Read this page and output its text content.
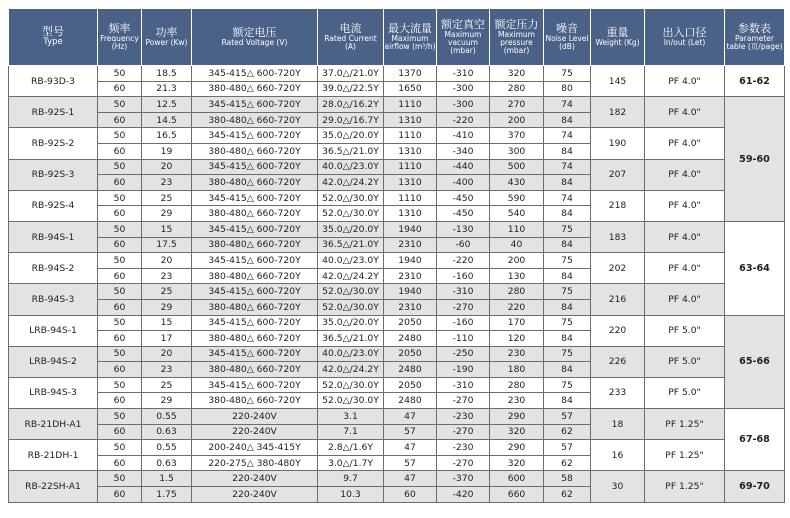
型号
Type	频率
Frequency (Hz)	功率
Power (Kw)	额定电压
Rated Voltage (V)	电流
Rated Current (A)	最大流量
Maximum airflow (m³/h)	额定真空
Maximum vacuum (mbar)	额定压力
Maximum pressure (mbar)	噪音
Noise Level (dB)	重量
Weight (Kg)	出入口径
In/out (Let)	参数表
Parameter table (页/page)

RB-93D-3	50	18.5	345-415△ 600-720Y	37.0△/21.0Y	1370	-310	320	75	145	PF 4.0"	61-62
	60	21.3	380-480△ 660-720Y	39.0△/22.5Y	1650	-300	280	80			
RB-92S-1	50	12.5	345-415△ 600-720Y	28.0△/16.2Y	1110	-300	270	74	182	PF 4.0"	59-60
	60	14.5	380-480△ 660-720Y	29.0△/16.7Y	1310	-220	200	84			
RB-92S-2	50	16.5	345-415△ 600-720Y	35.0△/20.0Y	1110	-410	370	74	190	PF 4.0"	
	60	19	380-480△ 660-720Y	36.5△/21.0Y	1310	-340	300	84			
RB-92S-3	50	20	345-415△ 600-720Y	40.0△/23.0Y	1110	-440	500	74	207	PF 4.0"	
	60	23	380-480△ 660-720Y	42.0△/24.2Y	1310	-400	430	84			
RB-92S-4	50	25	345-415△ 600-720Y	52.0△/30.0Y	1110	-450	590	74	218	PF 4.0"	
	60	29	380-480△ 660-720Y	52.0△/30.0Y	1310	-450	540	84			
RB-94S-1	50	15	345-415△ 600-720Y	35.0△/20.0Y	1940	-130	110	75	183	PF 4.0"	63-64
	60	17.5	380-480△ 660-720Y	36.5△/21.0Y	2310	-60	40	84			
RB-94S-2	50	20	345-415△ 600-720Y	40.0△/23.0Y	1940	-220	200	75	202	PF 4.0"	
	60	23	380-480△ 660-720Y	42.0△/24.2Y	2310	-160	130	84			
RB-94S-3	50	25	345-415△ 600-720Y	52.0△/30.0Y	1940	-310	280	75	216	PF 4.0"	
	60	29	380-480△ 660-720Y	52.0△/30.0Y	2310	-270	220	84			
LRB-94S-1	50	15	345-415△ 600-720Y	35.0△/20.0Y	2050	-160	170	75	220	PF 5.0"	65-66
	60	17	380-480△ 660-720Y	36.5△/21.0Y	2480	-110	120	84			
LRB-94S-2	50	20	345-415△ 600-720Y	40.0△/23.0Y	2050	-250	230	75	226	PF 5.0"	
	60	23	380-480△ 660-720Y	42.0△/24.2Y	2480	-190	180	84			
LRB-94S-3	50	25	345-415△ 600-720Y	52.0△/30.0Y	2050	-310	280	75	233	PF 5.0"	
	60	29	380-480△ 660-720Y	52.0△/30.0Y	2480	-270	230	84			
RB-21DH-A1	50	0.55	220-240V	3.1	47	-230	290	57	18	PF 1.25"	67-68
	60	0.63	220-240V	7.1	57	-270	320	62			
RB-21DH-1	50	0.55	200-240△ 345-415Y	2.8△/1.6Y	47	-230	290	57	16	PF 1.25"	
	60	0.63	220-275△ 380-480Y	3.0△/1.7Y	57	-270	320	62			
RB-22SH-A1	50	1.5	220-240V	9.7	47	-370	600	58	30	PF 1.25"	69-70
	60	1.75	220-240V	10.3	60	-420	660	62			
